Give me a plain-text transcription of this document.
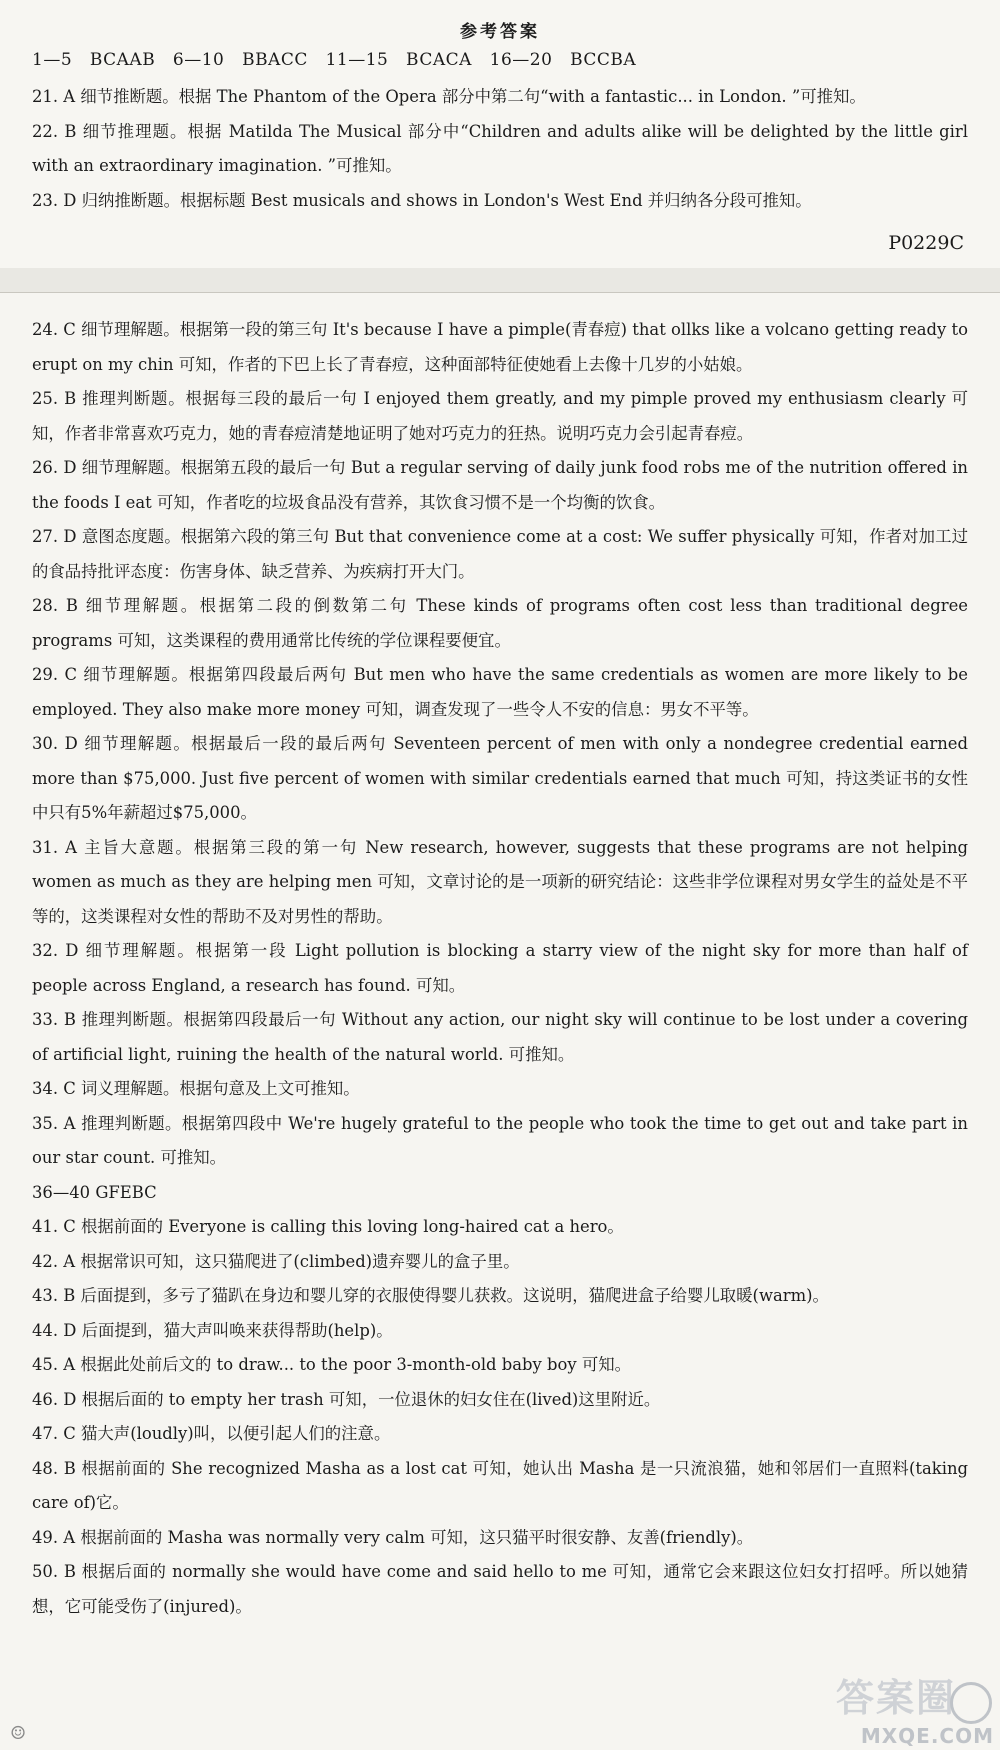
参考答案
1—5   BCAAB   6—10   BBACC   11—15   BCACA   16—20   BCCBA

21. A 细节推断题。根据 The Phantom of the Opera 部分中第二句“with a fantastic... in London. ”可推知。

22. B 细节推理题。根据 Matilda The Musical 部分中“Children and adults alike will be delighted by the little girl with an extraordinary imagination. ”可推知。

23. D 归纳推断题。根据标题 Best musicals and shows in London's West End 并归纳各分段可推知。

P0229C

24. C 细节理解题。根据第一段的第三句 It's because I have a pimple(青春痘) that ollks like a volcano getting ready to erupt on my chin 可知，作者的下巴上长了青春痘，这种面部特征使她看上去像十几岁的小姑娘。

25. B 推理判断题。根据每三段的最后一句 I enjoyed them greatly, and my pimple proved my enthusiasm clearly 可知，作者非常喜欢巧克力，她的青春痘清楚地证明了她对巧克力的狂热。说明巧克力会引起青春痘。

26. D 细节理解题。根据第五段的最后一句 But a regular serving of daily junk food robs me of the nutrition offered in the foods I eat 可知，作者吃的垃圾食品没有营养，其饮食习惯不是一个均衡的饮食。

27. D 意图态度题。根据第六段的第三句 But that convenience come at a cost: We suffer physically 可知，作者对加工过的食品持批评态度：伤害身体、缺乏营养、为疾病打开大门。

28. B 细节理解题。根据第二段的倒数第二句 These kinds of programs often cost less than traditional degree programs 可知，这类课程的费用通常比传统的学位课程要便宜。

29. C 细节理解题。根据第四段最后两句 But men who have the same credentials as women are more likely to be employed. They also make more money 可知，调查发现了一些令人不安的信息：男女不平等。

30. D 细节理解题。根据最后一段的最后两句 Seventeen percent of men with only a nondegree credential earned more than $75,000. Just five percent of women with similar credentials earned that much 可知，持这类证书的女性中只有5%年薪超过$75,000。

31. A 主旨大意题。根据第三段的第一句 New research, however, suggests that these programs are not helping women as much as they are helping men 可知，文章讨论的是一项新的研究结论：这些非学位课程对男女学生的益处是不平等的，这类课程对女性的帮助不及对男性的帮助。

32. D 细节理解题。根据第一段 Light pollution is blocking a starry view of the night sky for more than half of people across England, a research has found. 可知。

33. B 推理判断题。根据第四段最后一句 Without any action, our night sky will continue to be lost under a covering of artificial light, ruining the health of the natural world. 可推知。

34. C 词义理解题。根据句意及上文可推知。

35. A 推理判断题。根据第四段中 We're hugely grateful to the people who took the time to get out and take part in our star count. 可推知。

36—40 GFEBC

41. C 根据前面的 Everyone is calling this loving long-haired cat a hero。

42. A 根据常识可知，这只猫爬进了(climbed)遗弃婴儿的盒子里。

43. B 后面提到，多亏了猫趴在身边和婴儿穿的衣服使得婴儿获救。这说明，猫爬进盒子给婴儿取暖(warm)。

44. D 后面提到，猫大声叫唤来获得帮助(help)。

45. A 根据此处前后文的 to draw... to the poor 3-month-old baby boy 可知。

46. D 根据后面的 to empty her trash 可知，一位退休的妇女住在(lived)这里附近。

47. C 猫大声(loudly)叫，以便引起人们的注意。

48. B 根据前面的 She recognized Masha as a lost cat 可知，她认出 Masha 是一只流浪猫，她和邻居们一直照料(taking care of)它。

49. A 根据前面的 Masha was normally very calm 可知，这只猫平时很安静、友善(friendly)。

50. B 根据后面的 normally she would have come and said hello to me 可知，通常它会来跟这位妇女打招呼。所以她猜想，它可能受伤了(injured)。

☺
答案圈
MXQE.COM
